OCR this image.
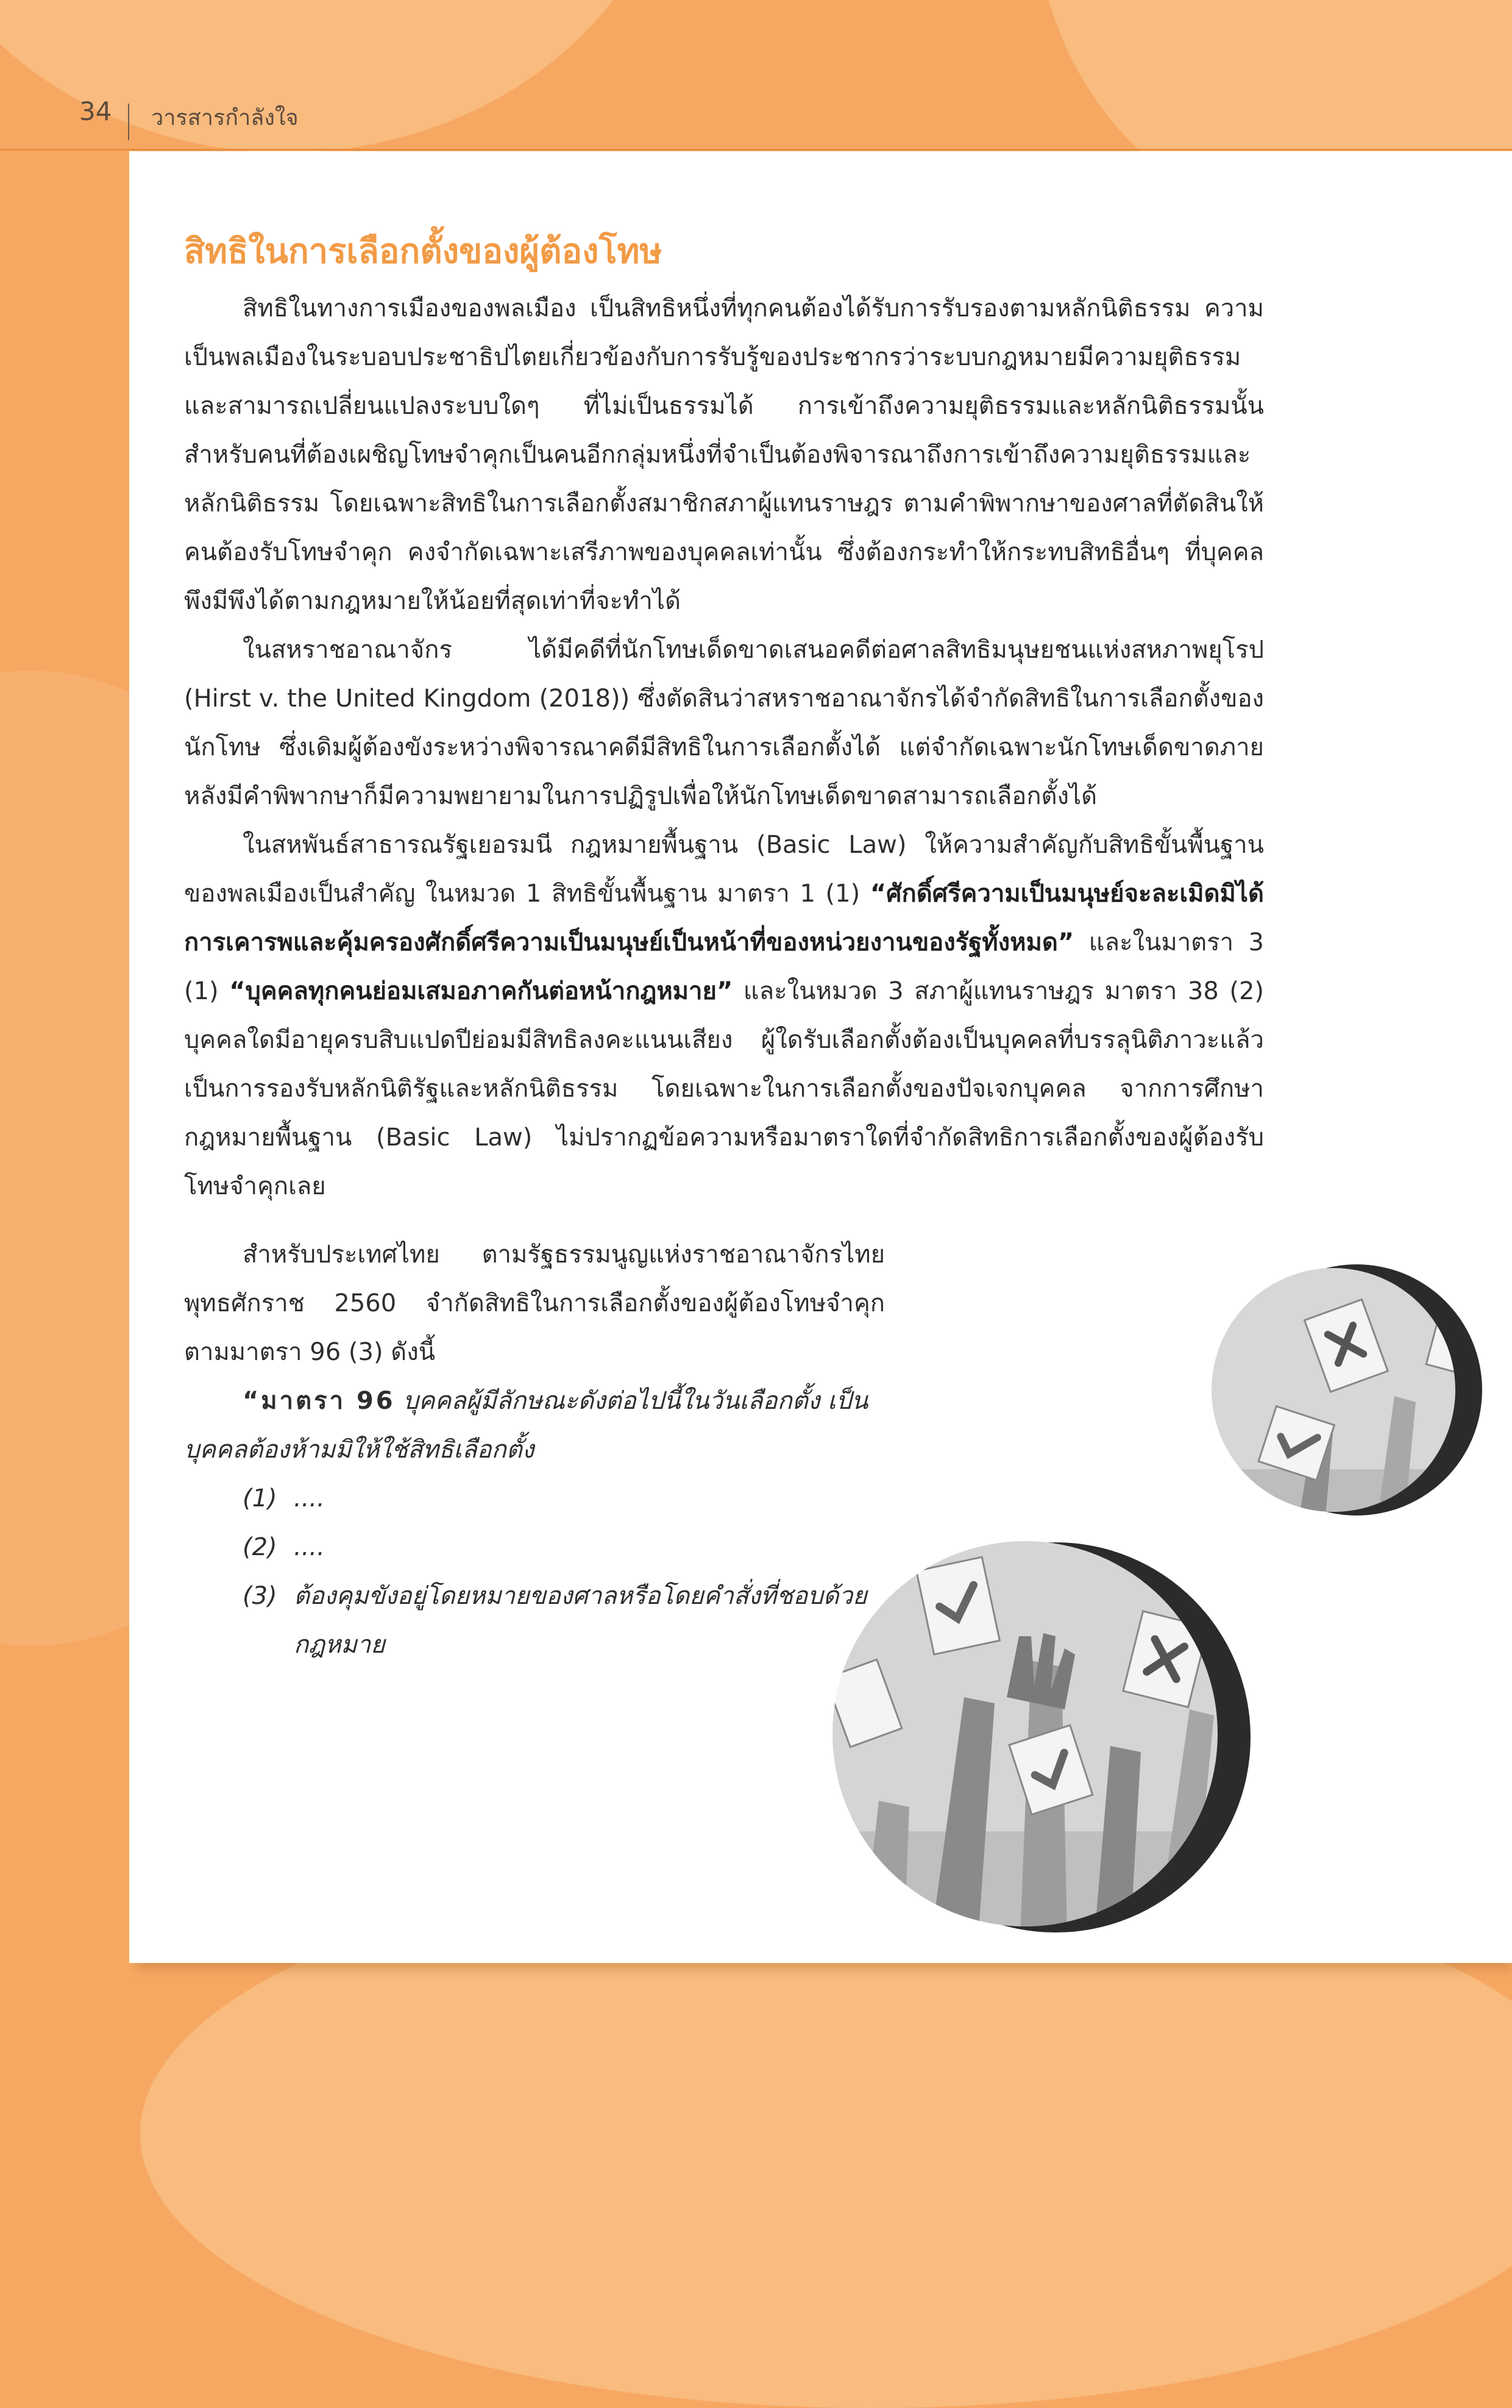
34 วารสารกำลังใจ
สิทธิในการเลือกตั้งของผู้ต้องโทษ

สิทธิในทางการเมืองของพลเมือง เป็นสิทธิหนึ่งที่ทุกคนต้องได้รับการรับรองตามหลักนิติธรรม ความเป็นพลเมืองในระบอบประชาธิปไตยเกี่ยวข้องกับการรับรู้ของประชากรว่าระบบกฎหมายมีความยุติธรรมและสามารถเปลี่ยนแปลงระบบใดๆ ที่ไม่เป็นธรรมได้ การเข้าถึงความยุติธรรมและหลักนิติธรรมนั้น สำหรับคนที่ต้องเผชิญโทษจำคุกเป็นคนอีกกลุ่มหนึ่งที่จำเป็นต้องพิจารณาถึงการเข้าถึงความยุติธรรมและหลักนิติธรรม โดยเฉพาะสิทธิในการเลือกตั้งสมาชิกสภาผู้แทนราษฎร ตามคำพิพากษาของศาลที่ตัดสินให้คนต้องรับโทษจำคุก คงจำกัดเฉพาะเสรีภาพของบุคคลเท่านั้น ซึ่งต้องกระทำให้กระทบสิทธิอื่นๆ ที่บุคคลพึงมีพึงได้ตามกฎหมายให้น้อยที่สุดเท่าที่จะทำได้

ในสหราชอาณาจักร ได้มีคดีที่นักโทษเด็ดขาดเสนอคดีต่อศาลสิทธิมนุษยชนแห่งสหภาพยุโรป (Hirst v. the United Kingdom (2018)) ซึ่งตัดสินว่าสหราชอาณาจักรได้จำกัดสิทธิในการเลือกตั้งของนักโทษ ซึ่งเดิมผู้ต้องขังระหว่างพิจารณาคดีมีสิทธิในการเลือกตั้งได้ แต่จำกัดเฉพาะนักโทษเด็ดขาดภายหลังมีคำพิพากษาก็มีความพยายามในการปฏิรูปเพื่อให้นักโทษเด็ดขาดสามารถเลือกตั้งได้

ในสหพันธ์สาธารณรัฐเยอรมนี กฎหมายพื้นฐาน (Basic Law) ให้ความสำคัญกับสิทธิขั้นพื้นฐานของพลเมืองเป็นสำคัญ ในหมวด 1 สิทธิขั้นพื้นฐาน มาตรา 1 (1) “ศักดิ์ศรีความเป็นมนุษย์จะละเมิดมิได้ การเคารพและคุ้มครองศักดิ์ศรีความเป็นมนุษย์เป็นหน้าที่ของหน่วยงานของรัฐทั้งหมด” และในมาตรา 3 (1) “บุคคลทุกคนย่อมเสมอภาคกันต่อหน้ากฎหมาย” และในหมวด 3 สภาผู้แทนราษฎร มาตรา 38 (2) บุคคลใดมีอายุครบสิบแปดปีย่อมมีสิทธิลงคะแนนเสียง ผู้ใดรับเลือกตั้งต้องเป็นบุคคลที่บรรลุนิติภาวะแล้ว เป็นการรองรับหลักนิติรัฐและหลักนิติธรรม โดยเฉพาะในการเลือกตั้งของปัจเจกบุคคล จากการศึกษากฎหมายพื้นฐาน (Basic Law) ไม่ปรากฏข้อความหรือมาตราใดที่จำกัดสิทธิการเลือกตั้งของผู้ต้องรับโทษจำคุกเลย

สำหรับประเทศไทย ตามรัฐธรรมนูญแห่งราชอาณาจักรไทย พุทธศักราช 2560 จำกัดสิทธิในการเลือกตั้งของผู้ต้องโทษจำคุก ตามมาตรา 96 (3) ดังนี้

“มาตรา 96 บุคคลผู้มีลักษณะดังต่อไปนี้ในวันเลือกตั้ง เป็นบุคคลต้องห้ามมิให้ใช้สิทธิเลือกตั้ง

(1) ....
(2) ....
(3) ต้องคุมขังอยู่โดยหมายของศาลหรือโดยคำสั่งที่ชอบด้วยกฎหมาย
